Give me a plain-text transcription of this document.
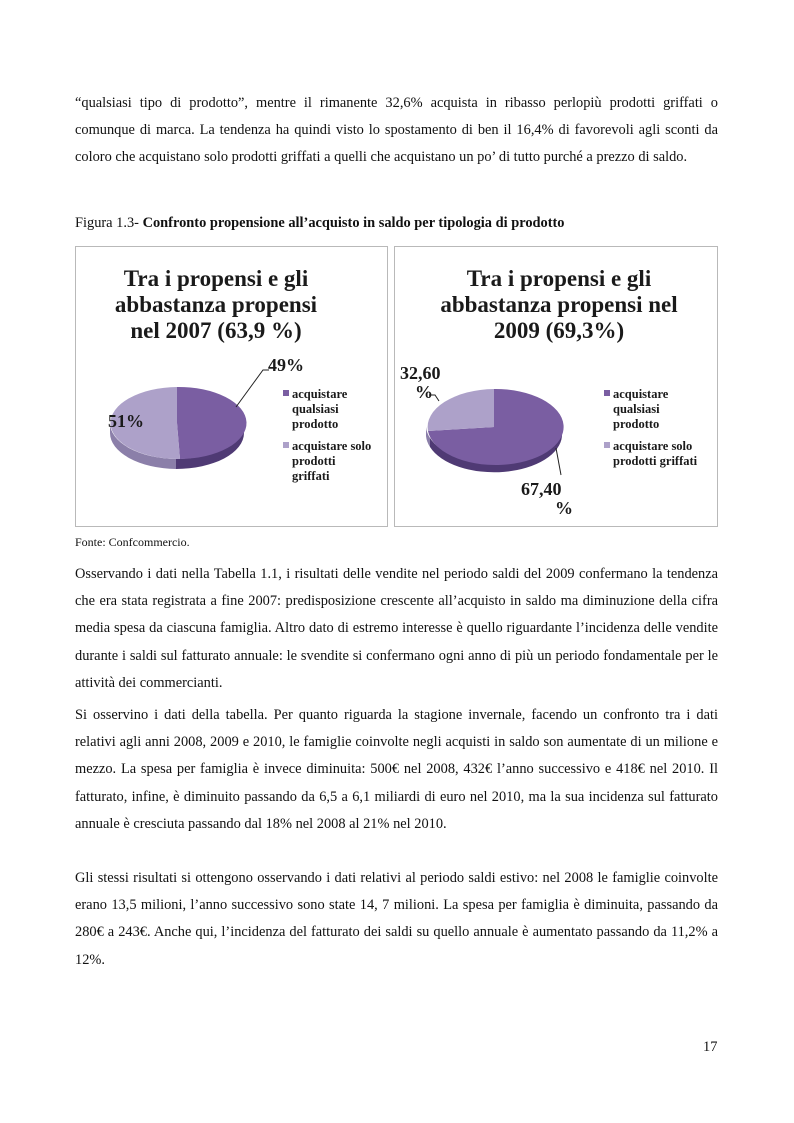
“qualsiasi tipo di prodotto”, mentre il rimanente 32,6% acquista in ribasso perlopiù prodotti griffati o comunque di marca. La tendenza ha quindi visto lo spostamento di ben il 16,4% di favorevoli agli sconti da coloro che acquistano solo prodotti griffati a quelli che acquistano un po’ di tutto purché a prezzo di saldo.

Figura 1.3- Confronto propensione all’acquisto in saldo per tipologia di prodotto
Tra i propensi e gli
abbastanza propensi
nel 2007 (63,9 %)
49%
51%
acquistare
qualsiasi
prodotto
acquistare solo
prodotti
griffati
Tra i propensi e gli
abbastanza propensi nel
2009 (69,3%)
32,60
%
67,40
%
acquistare
qualsiasi
prodotto
acquistare solo
prodotti griffati
Fonte: Confcommercio.

Osservando i dati nella Tabella 1.1, i risultati delle vendite nel periodo saldi del 2009 confermano la tendenza che era stata registrata a fine 2007: predisposizione crescente all’acquisto in saldo ma diminuzione della cifra media spesa da ciascuna famiglia. Altro dato di estremo interesse è quello riguardante l’incidenza delle vendite durante i saldi sul fatturato annuale: le svendite si confermano ogni anno di più un periodo fondamentale per le attività dei commercianti.

Si osservino i dati della tabella. Per quanto riguarda la stagione invernale, facendo un confronto tra i dati relativi agli anni 2008, 2009 e 2010, le famiglie coinvolte negli acquisti in saldo son aumentate di un milione e mezzo. La spesa per famiglia è invece diminuita: 500€ nel 2008, 432€ l’anno successivo e 418€ nel 2010. Il fatturato, infine, è diminuito passando da 6,5 a 6,1 miliardi di euro nel 2010, ma la sua incidenza sul fatturato annuale è cresciuta passando dal 18% nel 2008 al 21% nel 2010.

Gli stessi risultati si ottengono osservando i dati relativi al periodo saldi estivo: nel 2008 le famiglie coinvolte erano 13,5 milioni, l’anno successivo sono state 14, 7 milioni. La spesa per famiglia è diminuita, passando da 280€ a 243€. Anche qui, l’incidenza del fatturato dei saldi su quello annuale è aumentato passando da 11,2% a 12%.

17
